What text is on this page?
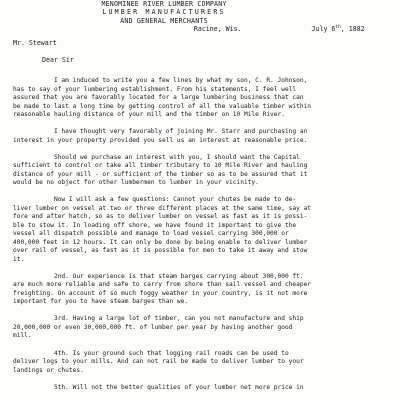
MENOMINEE RIVER LUMBER COMPANY
LUMBER MANUFACTURERS
AND GENERAL MERCHANTS

Racine, Wis.	July 6th, 1882

Mr. Stewart
Dear Sir
I am induced to write you a few lines by what my son, C. R. Johnson,
has to say of your lumbering establishment. From his statements, I feel well
assured that you are favorably located for a large lumbering business that can
be made to last a long time by getting control of all the valuable timber within
reasonable hauling distance of your mill and the timber on 10 Mile River.
I have thought very favorably of joining Mr. Starr and purchasing an
interest in your property provided you sell us an interest at reasonable price.
Should we purchase an interest with you, I should want the Capital
sufficient to control or take all timber tributary to 10 Mile River and hauling
distance of your mill - or sufficient of the timber so as to be assured that it
would be no object for other lumbermen to lumber in your vicinity.
Now I will ask a few questions: Cannot your chutes be made to de-
liver lumber on vessel at two or three different places at the same time, say at
fore and after hatch, so as to deliver lumber on vessel as fast as it is possi-
ble to stow it. In loading off shore, we have found it important to give the
vessel all dispatch possible and manage to load vessel carrying 300,000 or
400,000 feet in 12 hours. It can only be done by being enable to deliver lumber
over rail of vessel, as fast as it is possible for men to take it away and stow
it.
2nd. Our experience is that steam barges carrying about 300,000 ft.
are much more reliable and safe to carry from shore than sail vessel and cheaper
freighting. On account of so much foggy weather in your country, is it not more
important for you to have steam barges than we.
3rd. Having a large lot of timber, can you not manufacture and ship
20,000,000 or even 30,000,000 ft. of lumber per year by having another good
mill.
4th. Is your ground such that logging rail roads can be used to
deliver logs to your mills. And can not rail be made to deliver lumber to your
landings or chutes.
5th. Will not the better qualities of your lumber net more price in
